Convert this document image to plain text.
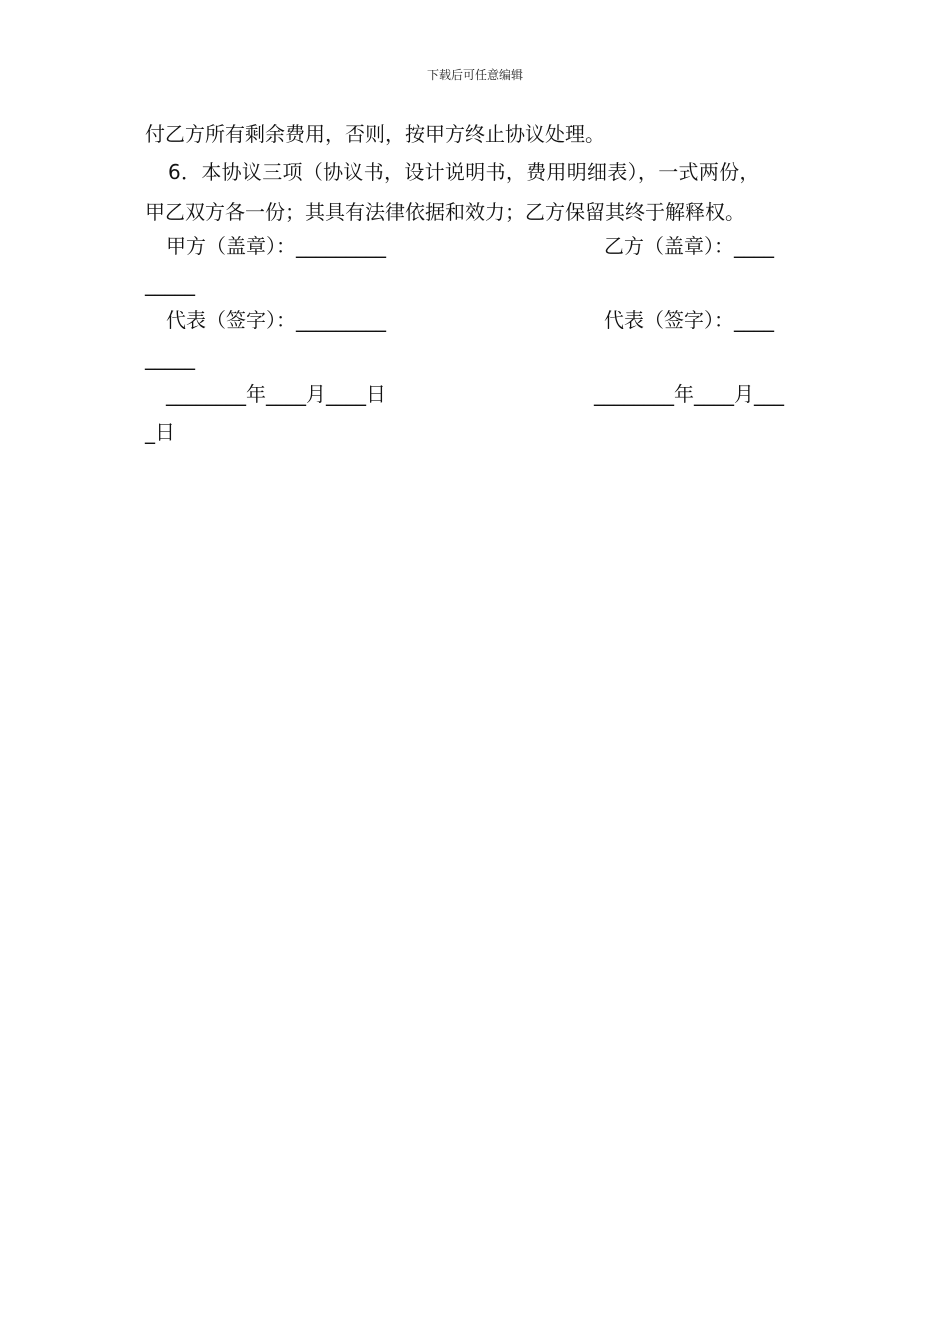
下载后可任意编辑
付乙方所有剩余费用，否则，按甲方终止协议处理。
6．本协议三项（协议书，设计说明书，费用明细表），一式两份，
甲乙双方各一份；其具有法律依据和效力；乙方保留其终于解释权。
甲方（盖章）：_________	乙方（盖章）：____
_____
代表（签字）：_________	代表（签字）：____
_____
________年____月____日	________年____月___
_日
